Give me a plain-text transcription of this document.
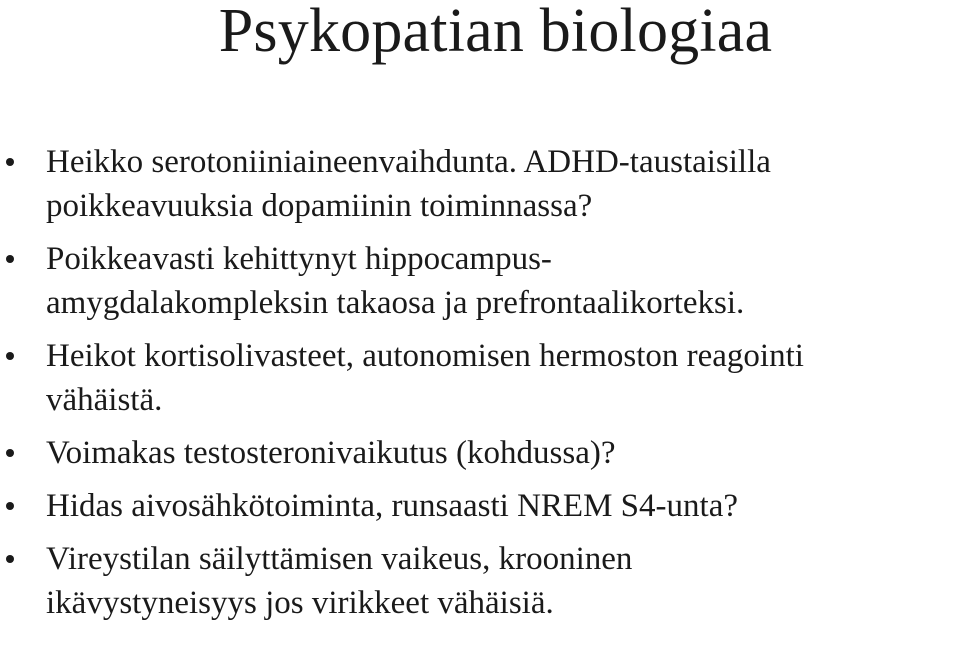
Psykopatian biologiaa
Heikko serotoniiniaineenvaihdunta. ADHD-taustaisilla
poikkeavuuksia dopamiinin toiminnassa?
Poikkeavasti kehittynyt hippocampus-
amygdalakompleksin takaosa ja prefrontaalikorteksi.
Heikot kortisolivasteet, autonomisen hermoston reagointi
vähäistä.
Voimakas testosteronivaikutus (kohdussa)?
Hidas aivosähkötoiminta, runsaasti NREM S4-unta?
Vireystilan säilyttämisen vaikeus, krooninen
ikävystyneisyys jos virikkeet vähäisiä.
